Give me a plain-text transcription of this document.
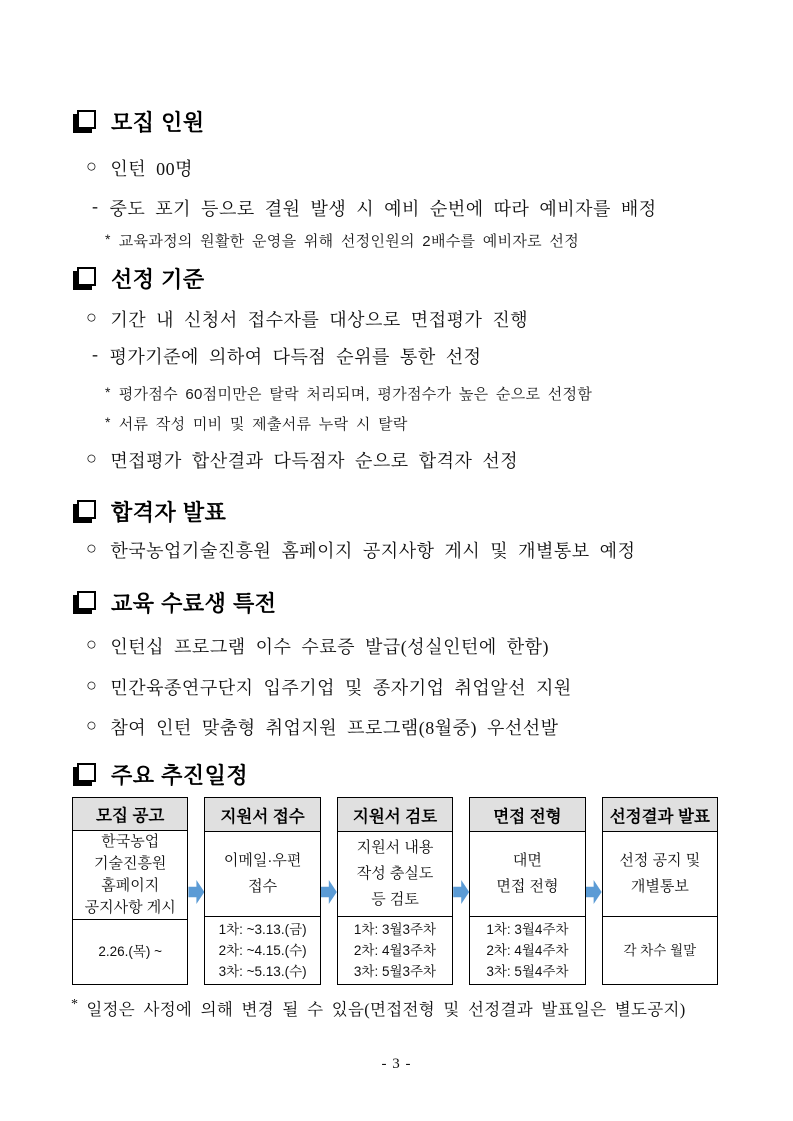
모집 인원
○ 인턴 00명
- 중도 포기 등으로 결원 발생 시 예비 순번에 따라 예비자를 배정
* 교육과정의 원활한 운영을 위해 선정인원의 2배수를 예비자로 선정
선정 기준
○ 기간 내 신청서 접수자를 대상으로 면접평가 진행
- 평가기준에 의하여 다득점 순위를 통한 선정
* 평가점수 60점미만은 탈락 처리되며, 평가점수가 높은 순으로 선정함
* 서류 작성 미비 및 제출서류 누락 시 탈락
○ 면접평가 합산결과 다득점자 순으로 합격자 선정
합격자 발표
○ 한국농업기술진흥원 홈페이지 공지사항 게시 및 개별통보 예정
교육 수료생 특전
○ 인턴십 프로그램 이수 수료증 발급(성실인턴에 한함)
○ 민간육종연구단지 입주기업 및 종자기업 취업알선 지원
○ 참여 인턴 맞춤형 취업지원 프로그램(8월중) 우선선발
주요 추진일정
모집 공고
한국농업
기술진흥원
홈페이지
공지사항 게시
2.26.(목) ~
지원서 접수
이메일·우편
접수
1차: ~3.13.(금)
2차: ~4.15.(수)
3차: ~5.13.(수)
지원서 검토
지원서 내용
작성 충실도
등 검토
1차: 3월3주차
2차: 4월3주차
3차: 5월3주차
면접 전형
대면
면접 전형
1차: 3월4주차
2차: 4월4주차
3차: 5월4주차
선정결과 발표
선정 공지 및
개별통보
각 차수 월말
* 일정은 사정에 의해 변경 될 수 있음(면접전형 및 선정결과 발표일은 별도공지)
- 3 -
